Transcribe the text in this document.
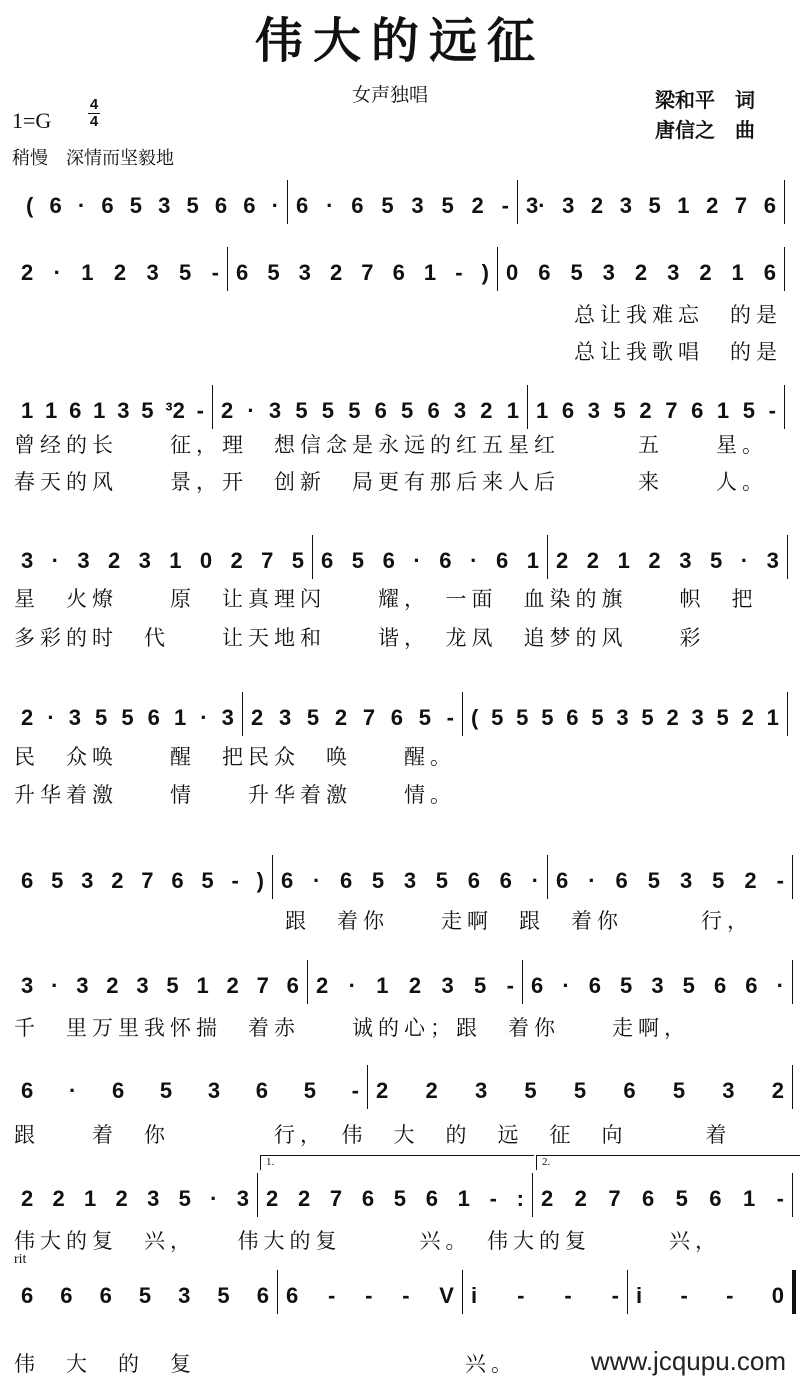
伟大的远征
女声独唱	梁和平　词
唐信之　曲
1=G
4
4
稍慢　深情而坚毅地
( 6 · 6 5 3 5 6 6 · 6 · 6 5 3 5 2 - 3· 3 2 3 5 1 2 7 6
2 · 1 2 3 5 - 6 5 3 2 7 6 1 - ) 0 6 5 3 2 3 2 1 6
总让我难忘　的是
总让我歌唱　的是
1 1 6 1 3 5 ³2 - 2 · 3 5 5 5 6 5 6 3 2 1 1 6 3 5 2 7 6 1 5 -
曾经的长　　征，理　想信念是永远的红五星红　　　五　　星。
春天的风　　景，开　创新　局更有那后来人后　　　来　　人。
3 · 3 2 3 1 0 2 7 5 6 5 6 · 6 · 6 1 2 2 1 2 3 5 · 3
星　火燎　　原　让真理闪　　耀，　一面　血染的旗　　帜　把
多彩的时　代　　让天地和　　谐，　龙凤　追梦的风　　彩
2 · 3 5 5 6 1 · 3 2 3 5 2 7 6 5 - ( 5 5 5 6 5 3 5 2 3 5 2 1
民　众唤　　醒　把民众　唤　　醒。
升华着激　　情　　升华着激　　情。
6 5 3 2 7 6 5 - ) 6 · 6 5 3 5 6 6 · 6 · 6 5 3 5 2 -
跟　着你　　走啊　跟　着你　　　行，
3 · 3 2 3 5 1 2 7 6 2 · 1 2 3 5 - 6 · 6 5 3 5 6 6 ·
千　里万里我怀揣　着赤　　诚的心；跟　着你　　走啊，
6 · 6 5 3 6 5 - 2 2 3 5 5 6 5 3 2
跟　　着　你　　　　行，　伟　大　的　远　征　向　　　着
2 2 1 2 3 5 · 3 2 2 7 6 5 6 1 - : 2 2 7 6 5 6 1 -
伟大的复　兴，　　伟大的复　　　兴。　伟大的复　　　兴，
6 6 6 5 3 5 6 6 - - - V i - - - i - - 0
伟　大　的　复	兴。
1.	2.
rit
www.jcqupu.com
